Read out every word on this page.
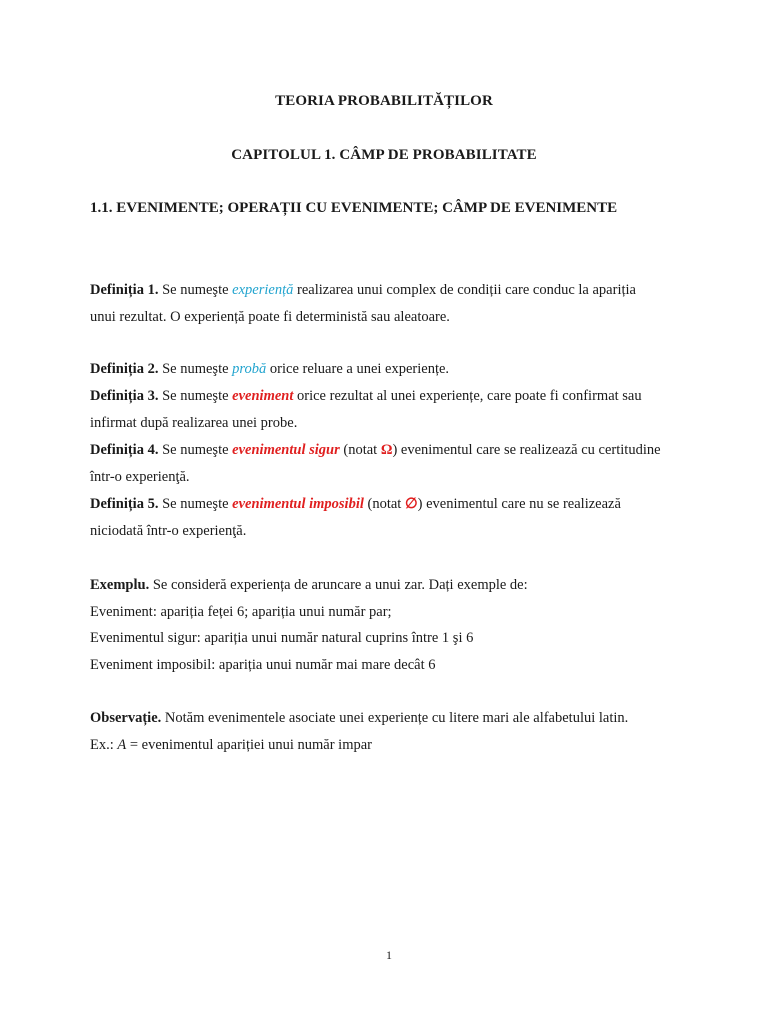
TEORIA PROBABILITĂȚILOR
CAPITOLUL 1. CÂMP DE PROBABILITATE
1.1. EVENIMENTE; OPERAȚII CU EVENIMENTE; CÂMP DE EVENIMENTE
Definiția 1. Se numeşte experiență realizarea unui complex de condiții care conduc la apariția
unui rezultat. O experiență poate fi deterministă sau aleatoare.
Definiția 2. Se numeşte probă orice reluare a unei experiențe.
Definiția 3. Se numeşte eveniment orice rezultat al unei experiențe, care poate fi confirmat sau
infirmat după realizarea unei probe.
Definiția 4. Se numeşte evenimentul sigur (notat Ω) evenimentul care se realizează cu certitudine
într-o experienţă.
Definiția 5. Se numeşte evenimentul imposibil (notat ∅) evenimentul care nu se realizează
niciodată într-o experienţă.
Exemplu. Se consideră experiența de aruncare a unui zar. Dați exemple de:
Eveniment: apariția feței 6; apariția unui număr par;
Evenimentul sigur: apariția unui număr natural cuprins între 1 şi 6
Eveniment imposibil: apariția unui număr mai mare decât 6
Observație. Notăm evenimentele asociate unei experiențe cu litere mari ale alfabetului latin.
Ex.: A = evenimentul apariției unui număr impar
1
